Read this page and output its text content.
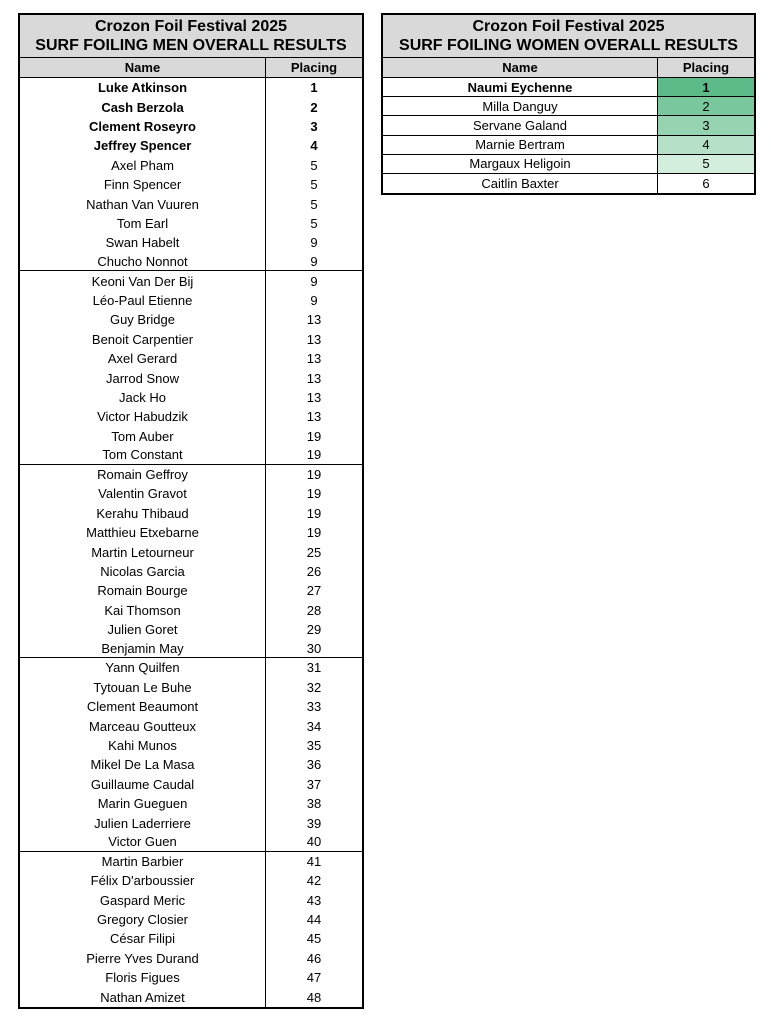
Crozon Foil Festival 2025
SURF FOILING MEN OVERALL RESULTS
Name	Placing
Luke Atkinson	1
Cash Berzola	2
Clement Roseyro	3
Jeffrey Spencer	4
Axel Pham	5
Finn Spencer	5
Nathan Van Vuuren	5
Tom Earl	5
Swan Habelt	9
Chucho Nonnot	9
Keoni Van Der Bij	9
Léo-Paul Etienne	9
Guy Bridge	13
Benoit Carpentier	13
Axel Gerard	13
Jarrod Snow	13
Jack Ho	13
Victor Habudzik	13
Tom Auber	19
Tom Constant	19
Romain Geffroy	19
Valentin Gravot	19
Kerahu Thibaud	19
Matthieu Etxebarne	19
Martin Letourneur	25
Nicolas Garcia	26
Romain Bourge	27
Kai Thomson	28
Julien Goret	29
Benjamin May	30
Yann Quilfen	31
Tytouan Le Buhe	32
Clement Beaumont	33
Marceau Goutteux	34
Kahi Munos	35
Mikel De La Masa	36
Guillaume Caudal	37
Marin Gueguen	38
Julien Laderriere	39
Victor Guen	40
Martin Barbier	41
Félix D'arboussier	42
Gaspard Meric	43
Gregory Closier	44
César Filipi	45
Pierre Yves Durand	46
Floris Figues	47
Nathan Amizet	48
Crozon Foil Festival 2025
SURF FOILING WOMEN OVERALL RESULTS
Name	Placing
Naumi Eychenne	1
Milla Danguy	2
Servane Galand	3
Marnie Bertram	4
Margaux Heligoin	5
Caitlin Baxter	6
